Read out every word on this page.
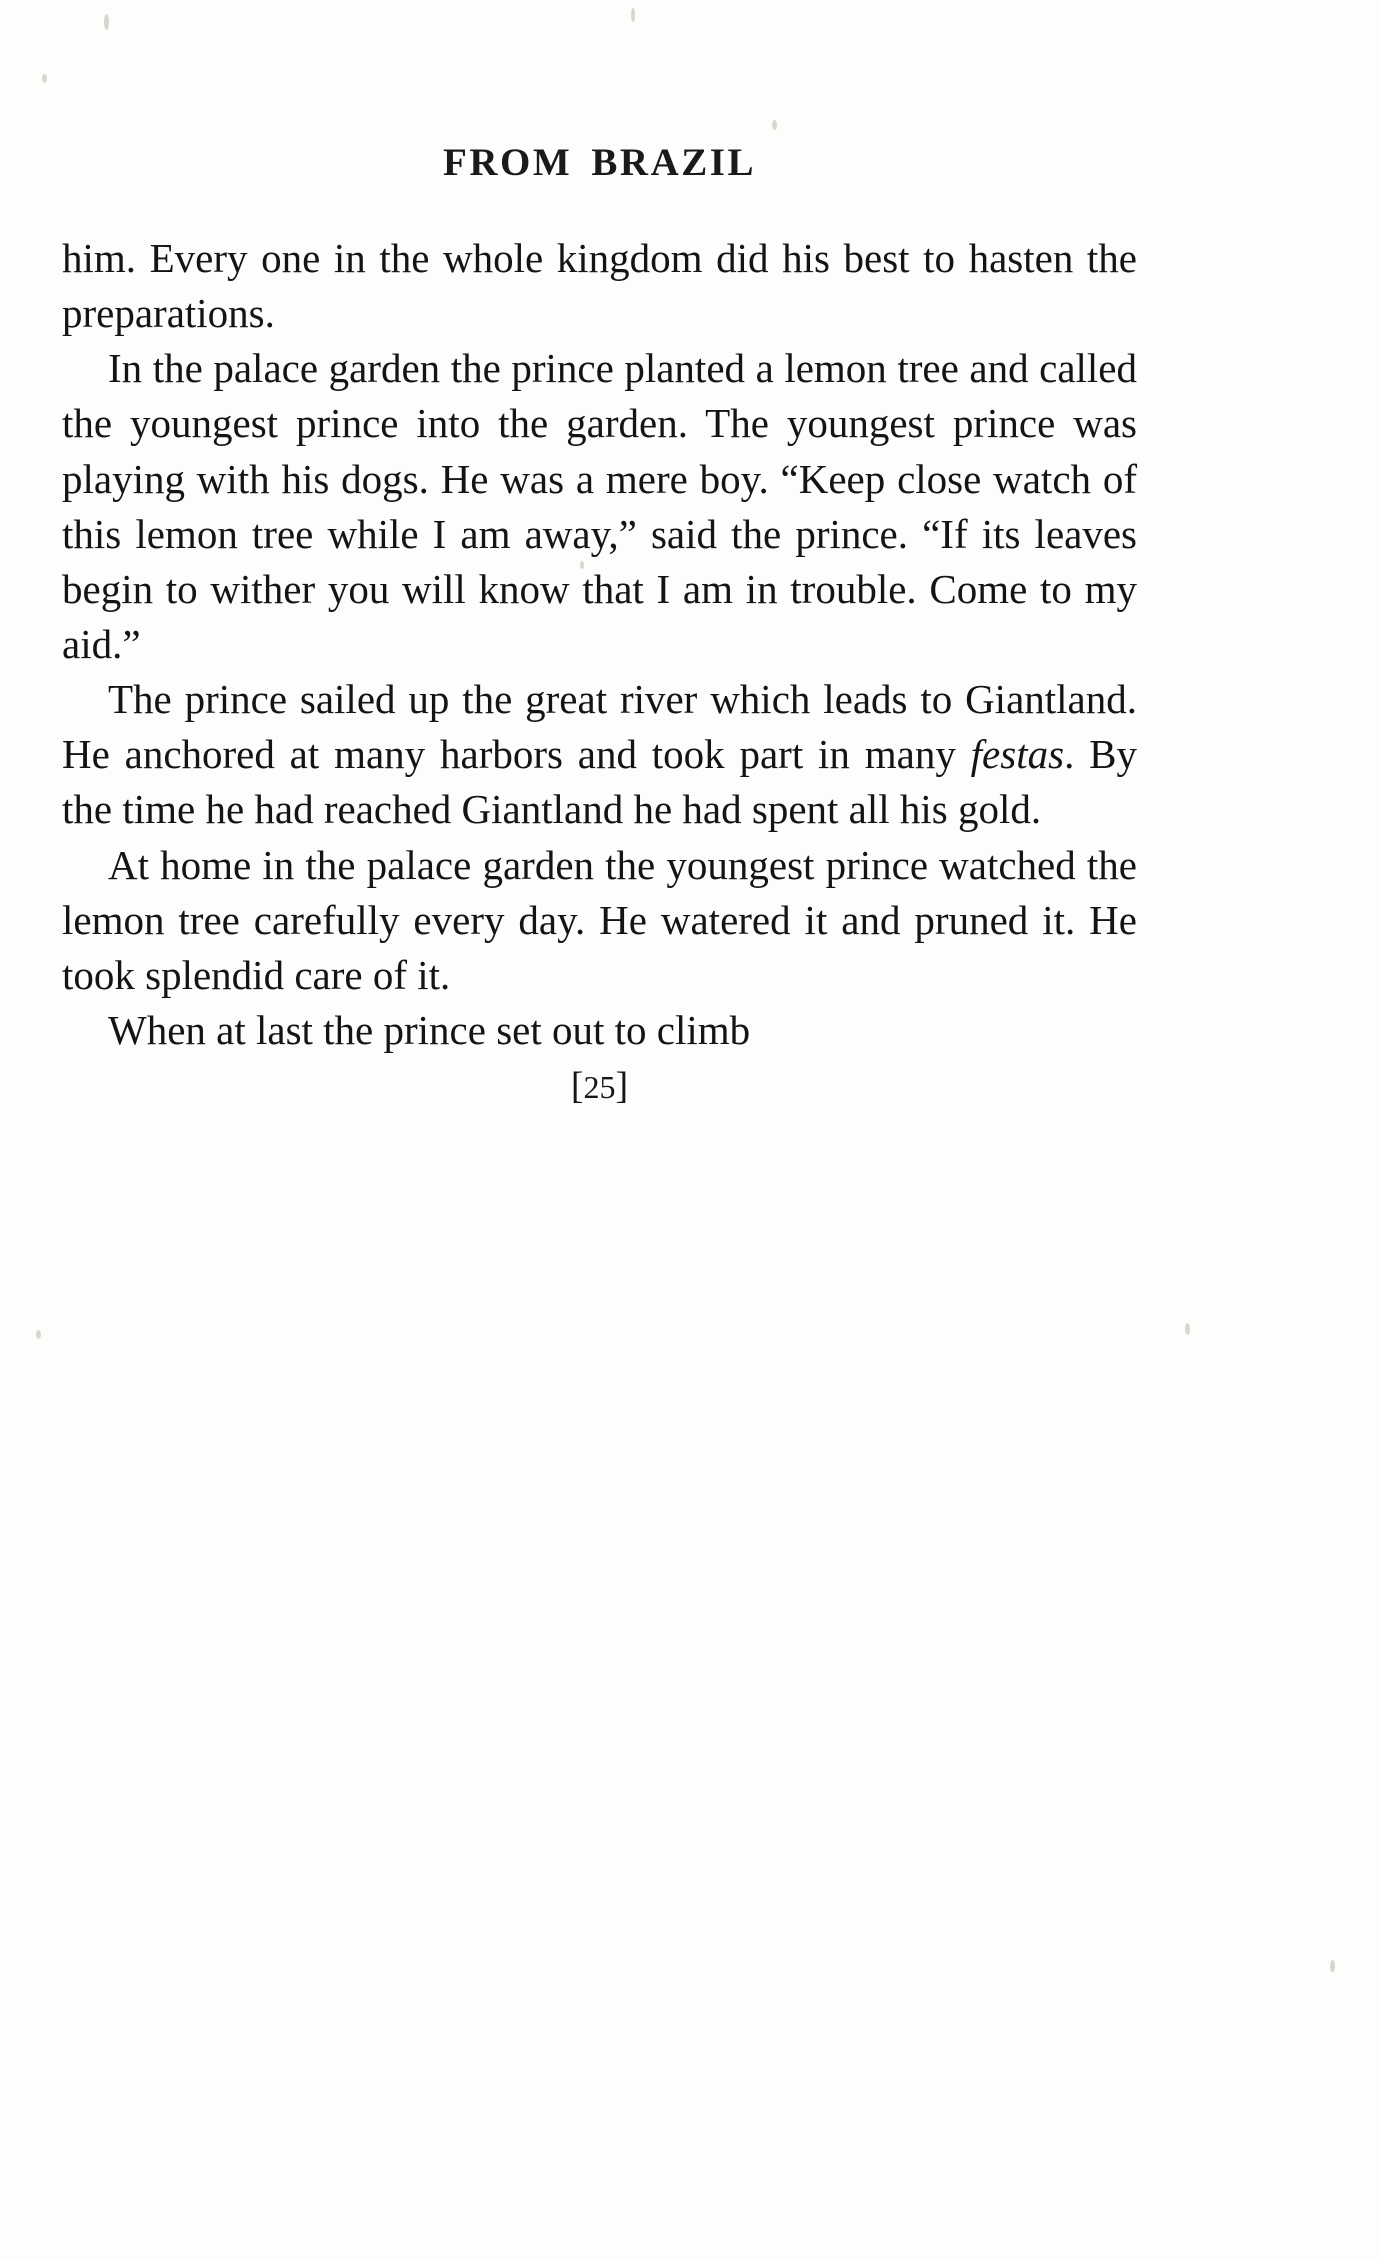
FROM BRAZIL

him. Every one in the whole kingdom did his best to hasten the preparations.

In the palace garden the prince planted a lemon tree and called the youngest prince into the garden. The youngest prince was playing with his dogs. He was a mere boy. “Keep close watch of this lemon tree while I am away,” said the prince. “If its leaves begin to wither you will know that I am in trouble. Come to my aid.”

The prince sailed up the great river which leads to Giantland. He anchored at many harbors and took part in many festas. By the time he had reached Giantland he had spent all his gold.

At home in the palace garden the youngest prince watched the lemon tree carefully every day. He watered it and pruned it. He took splendid care of it.

When at last the prince set out to climb

[25]
